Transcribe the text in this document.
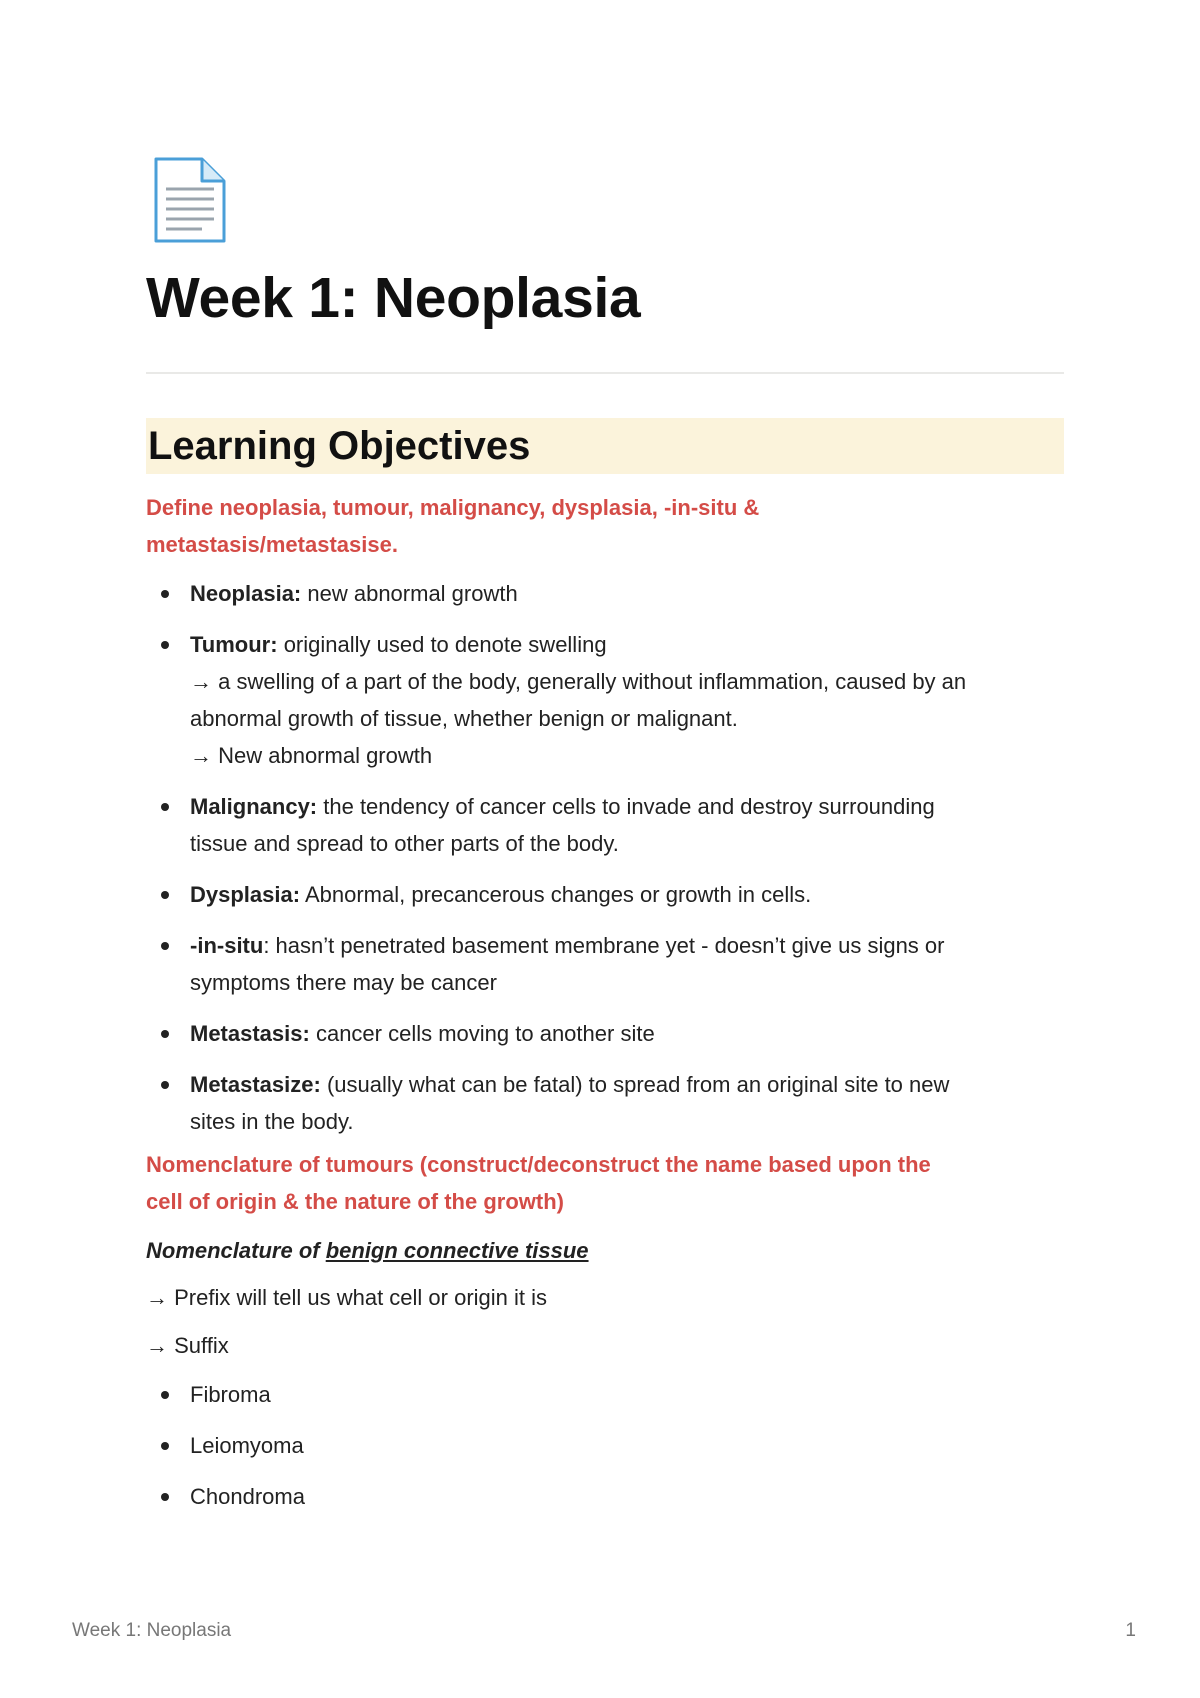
Week 1: Neoplasia
Learning Objectives

Define neoplasia, tumour, malignancy, dysplasia, -in-situ &
metastasis/metastasise.

Neoplasia: new abnormal growth
Tumour: originally used to denote swelling
→ a swelling of a part of the body, generally without inflammation, caused by an
abnormal growth of tissue, whether benign or malignant.
→ New abnormal growth
Malignancy: the tendency of cancer cells to invade and destroy surrounding
tissue and spread to other parts of the body.
Dysplasia: Abnormal, precancerous changes or growth in cells.
-in-situ: hasn’t penetrated basement membrane yet - doesn’t give us signs or
symptoms there may be cancer
Metastasis: cancer cells moving to another site
Metastasize: (usually what can be fatal) to spread from an original site to new
sites in the body.

Nomenclature of tumours (construct/deconstruct the name based upon the
cell of origin & the nature of the growth)

Nomenclature of benign connective tissue

→ Prefix will tell us what cell or origin it is

→ Suffix

Fibroma
Leiomyoma
Chondroma
Week 1: Neoplasia	1
